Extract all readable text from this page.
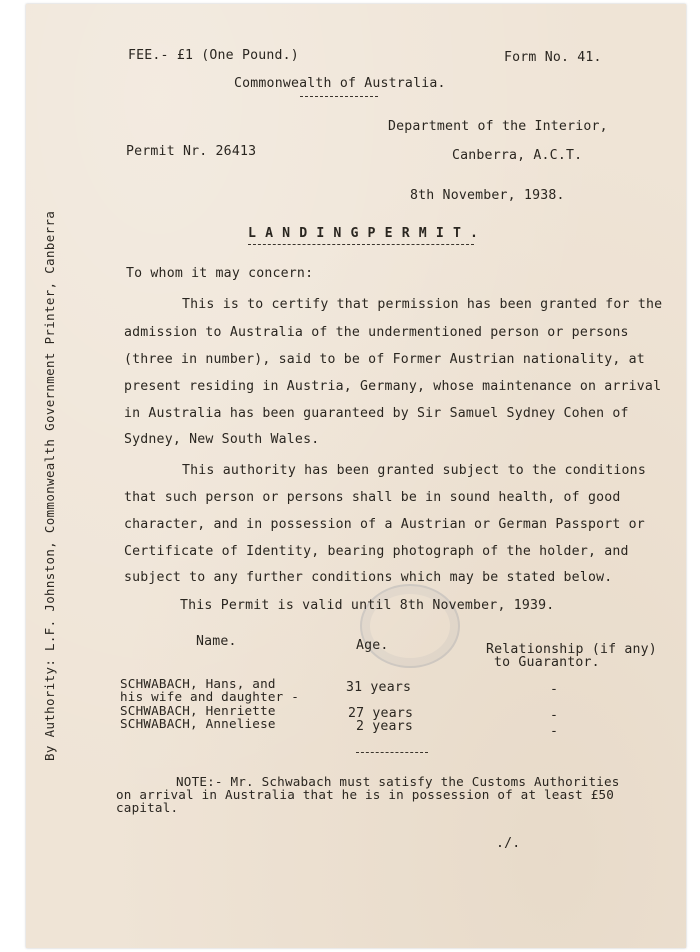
By Authority: L.F. Johnston, Commonwealth Government Printer, Canberra
FEE.- £1 (One Pound.)	Form No. 41.
Commonwealth of Australia.
Department of the Interior,
Permit Nr. 26413	Canberra, A.C.T.
8th November, 1938.
L A N D I N G P E R M I T .
To whom it may concern:
This is to certify that permission has been granted for the
admission to Australia of the undermentioned person or persons
(three in number), said to be of Former Austrian nationality, at
present residing in Austria, Germany, whose maintenance on arrival
in Australia has been guaranteed by Sir Samuel Sydney Cohen of
Sydney, New South Wales.
This authority has been granted subject to the conditions
that such person or persons shall be in sound health, of good
character, and in possession of a Austrian or German Passport or
Certificate of Identity, bearing photograph of the holder, and
subject to any further conditions which may be stated below.
This Permit is valid until 8th November, 1939.
Name.	Age.	Relationship (if any)
to Guarantor.
SCHWABACH, Hans, and	31 years	-
his wife and daughter -
SCHWABACH, Henriette	27 years	-
SCHWABACH, Anneliese	2 years	-
NOTE:- Mr. Schwabach must satisfy the Customs Authorities
on arrival in Australia that he is in possession of at least £50
capital.
./.
